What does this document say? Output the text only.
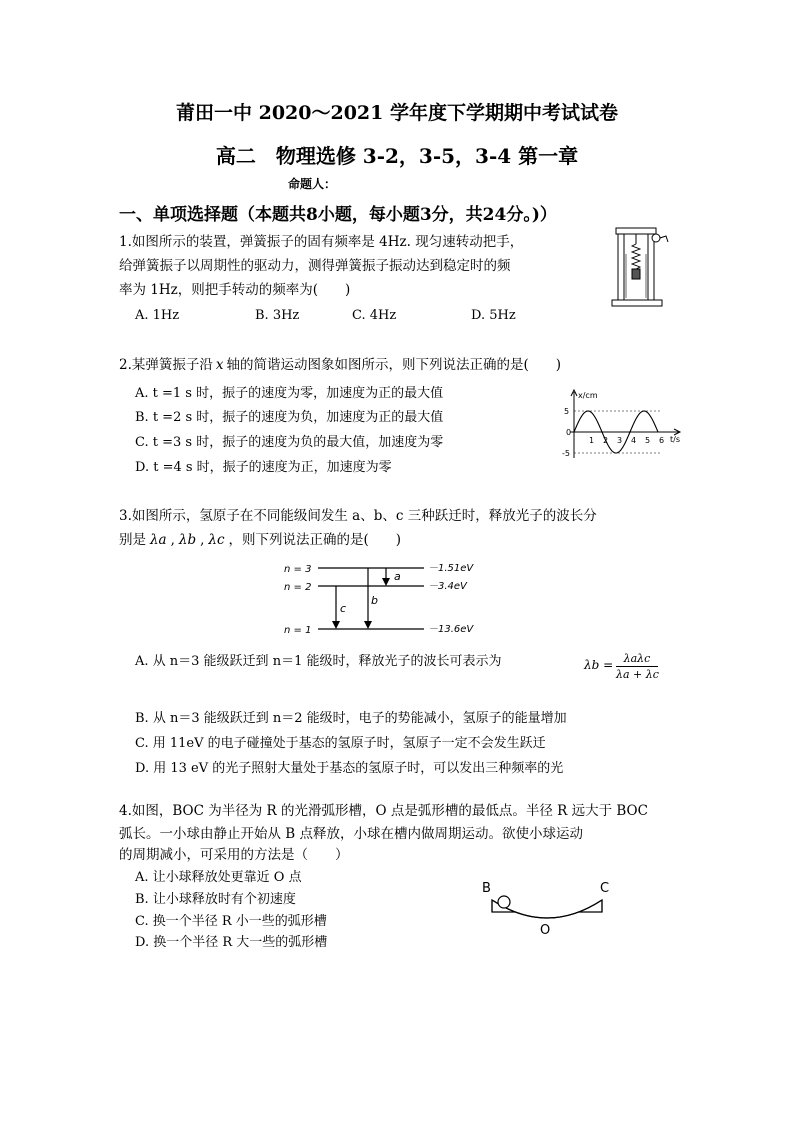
莆田一中 2020～2021 学年度下学期期中考试试卷
高二　物理选修 3-2，3-5，3-4 第一章
命题人：
一、单项选择题（本题共8小题，每小题3分，共24分。)）
1.如图所示的装置，弹簧振子的固有频率是 4Hz. 现匀速转动把手，
给弹簧振子以周期性的驱动力，测得弹簧振子振动达到稳定时的频
率为 1Hz，则把手转动的频率为(　　)
A. 1Hz	B. 3Hz	C. 4Hz	D. 5Hz
2.某弹簧振子沿 x 轴的简谐运动图象如图所示，则下列说法正确的是(　　)
A. t =1 s 时，振子的速度为零，加速度为正的最大值
B. t =2 s 时，振子的速度为负，加速度为正的最大值
C. t =3 s 时，振子的速度为负的最大值，加速度为零
D. t =4 s 时，振子的速度为正，加速度为零
x/cm
t/s
5
0
-5
1 2 3 4 5 6
3.如图所示，氢原子在不同能级间发生 a、b、c 三种跃迁时，释放光子的波长分
别是 λa , λb , λc ，则下列说法正确的是(　　)
n = 3
n = 2
n = 1
－1.51eV
－3.4eV
－13.6eV
a
b
c
A. 从 n＝3 能级跃迁到 n＝1 能级时，释放光子的波长可表示为	λb = λaλc
λa + λc
B. 从 n＝3 能级跃迁到 n＝2 能级时，电子的势能减小，氢原子的能量增加
C. 用 11eV 的电子碰撞处于基态的氢原子时，氢原子一定不会发生跃迁
D. 用 13 eV 的光子照射大量处于基态的氢原子时，可以发出三种频率的光
4.如图，BOC 为半径为 R 的光滑弧形槽，O 点是弧形槽的最低点。半径 R 远大于 BOC
弧长。一小球由静止开始从 B 点释放，小球在槽内做周期运动。欲使小球运动
的周期减小，可采用的方法是（　　）
A. 让小球释放处更靠近 O 点
B. 让小球释放时有个初速度
C. 换一个半径 R 小一些的弧形槽
D. 换一个半径 R 大一些的弧形槽
B	C
O
